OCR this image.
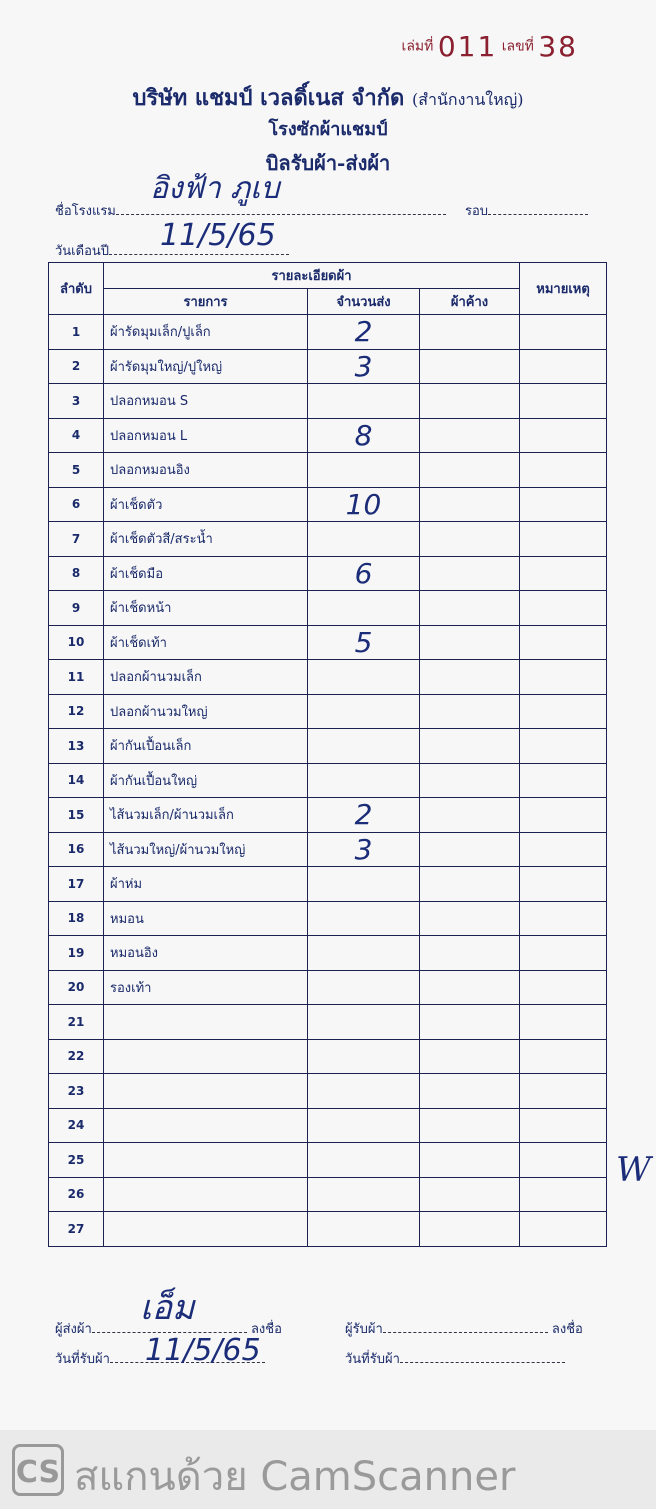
เล่มที่ 011 เลขที่ 38
บริษัท แชมป์ เวลดิ์เนส จำกัด (สำนักงานใหญ่)
โรงซักผ้าแชมป์
บิลรับผ้า-ส่งผ้า
ชื่อโรงแรม
อิงฟ้า ภูเบ
รอบ
วันเดือนปี	11/5/65
ลำดับ	รายละเอียดผ้า			หมายเหตุ
	รายการ	จำนวนส่ง	ผ้าค้าง	
1	ผ้ารัดมุมเล็ก/ปูเล็ก	2		
2	ผ้ารัดมุมใหญ่/ปูใหญ่	3		
3	ปลอกหมอน S			
4	ปลอกหมอน L	8		
5	ปลอกหมอนอิง			
6	ผ้าเช็ดตัว	10		
7	ผ้าเช็ดตัวสี/สระน้ำ			
8	ผ้าเช็ดมือ	6		
9	ผ้าเช็ดหน้า			
10	ผ้าเช็ดเท้า	5		
11	ปลอกผ้านวมเล็ก			
12	ปลอกผ้านวมใหญ่			
13	ผ้ากันเปื้อนเล็ก			
14	ผ้ากันเปื้อนใหญ่			
15	ไส้นวมเล็ก/ผ้านวมเล็ก	2		
16	ไส้นวมใหญ่/ผ้านวมใหญ่	3		
17	ผ้าห่ม			
18	หมอน			
19	หมอนอิง			
20	รองเท้า			
21				
22				
23				
24				
25				
26				
27				
ผู้ส่งผ้า	ลงชื่อ
เอ็ม
ผู้รับผ้า	ลงชื่อ
วันที่รับผ้า	11/5/65	วันที่รับผ้า
W
CS สแกนด้วย CamScanner
